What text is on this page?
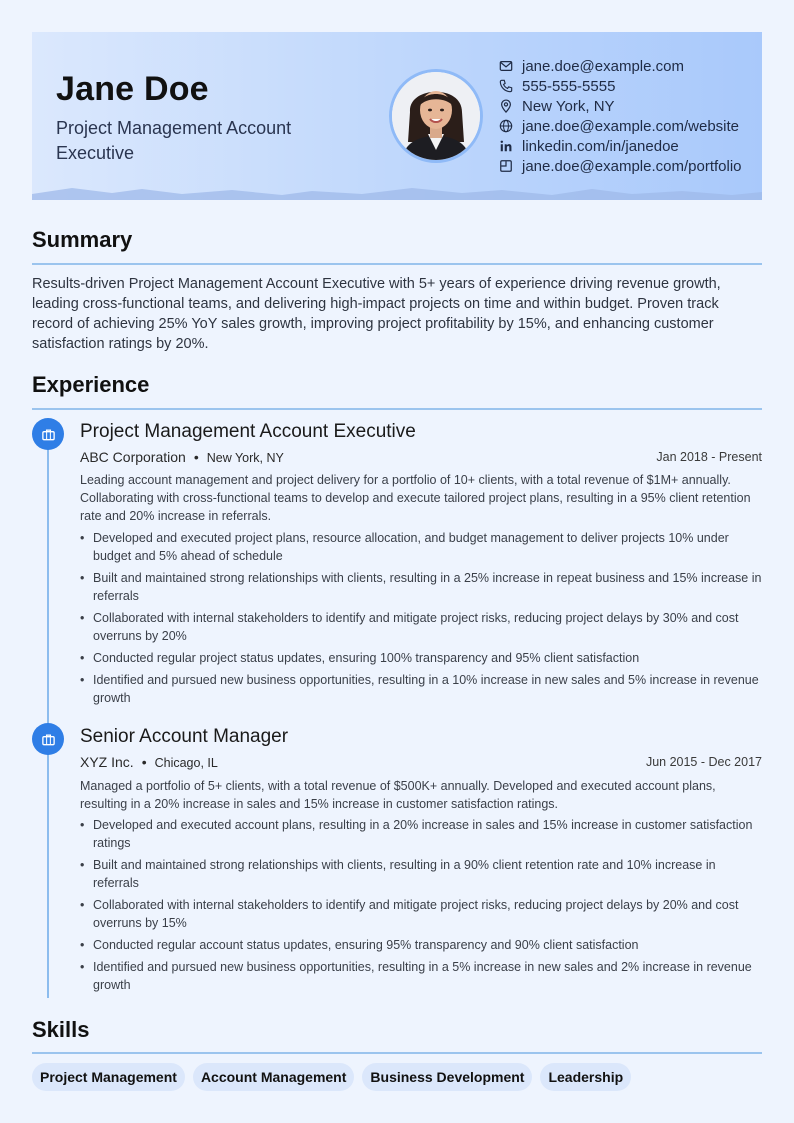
Jane Doe
Project Management Account Executive
jane.doe@example.com
555-555-5555
New York, NY
jane.doe@example.com/website
linkedin.com/in/janedoe
jane.doe@example.com/portfolio
Summary
Results-driven Project Management Account Executive with 5+ years of experience driving revenue growth, leading cross-functional teams, and delivering high-impact projects on time and within budget. Proven track record of achieving 25% YoY sales growth, improving project profitability by 15%, and enhancing customer satisfaction ratings by 20%.
Experience
Project Management Account Executive
ABC Corporation • New York, NY	Jan 2018 - Present
Leading account management and project delivery for a portfolio of 10+ clients, with a total revenue of $1M+ annually. Collaborating with cross-functional teams to develop and execute tailored project plans, resulting in a 95% client retention rate and 20% increase in referrals.
• Developed and executed project plans, resource allocation, and budget management to deliver projects 10% under budget and 5% ahead of schedule
• Built and maintained strong relationships with clients, resulting in a 25% increase in repeat business and 15% increase in referrals
• Collaborated with internal stakeholders to identify and mitigate project risks, reducing project delays by 30% and cost overruns by 20%
• Conducted regular project status updates, ensuring 100% transparency and 95% client satisfaction
• Identified and pursued new business opportunities, resulting in a 10% increase in new sales and 5% increase in revenue growth
Senior Account Manager
XYZ Inc. • Chicago, IL	Jun 2015 - Dec 2017
Managed a portfolio of 5+ clients, with a total revenue of $500K+ annually. Developed and executed account plans, resulting in a 20% increase in sales and 15% increase in customer satisfaction ratings.
• Developed and executed account plans, resulting in a 20% increase in sales and 15% increase in customer satisfaction ratings
• Built and maintained strong relationships with clients, resulting in a 90% client retention rate and 10% increase in referrals
• Collaborated with internal stakeholders to identify and mitigate project risks, reducing project delays by 20% and cost overruns by 15%
• Conducted regular account status updates, ensuring 95% transparency and 90% client satisfaction
• Identified and pursued new business opportunities, resulting in a 5% increase in new sales and 2% increase in revenue growth
Skills
Project Management	Account Management	Business Development	Leadership
